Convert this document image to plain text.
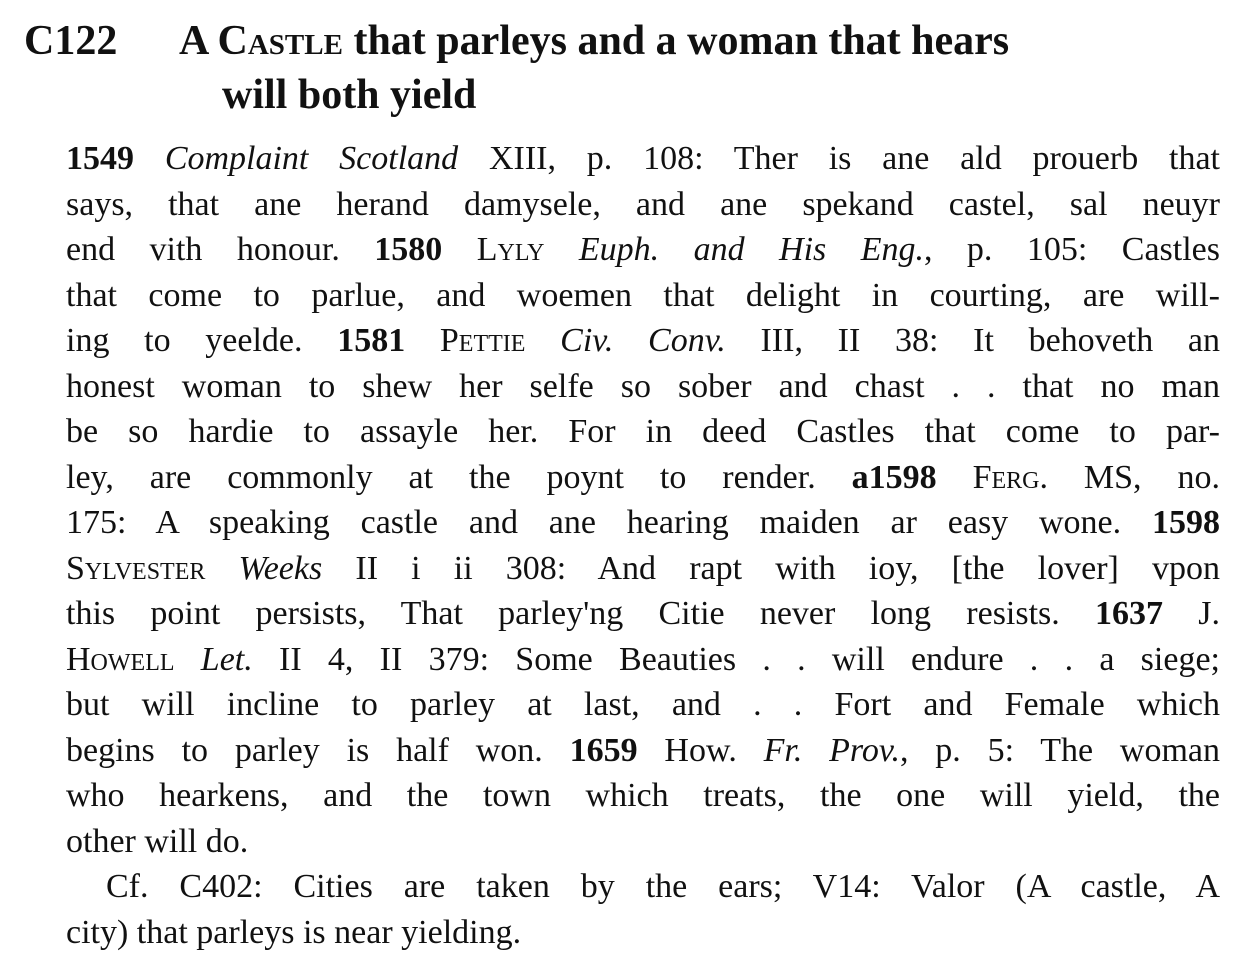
C122 A Castle that parleys and a woman that hears
will both yield
1549 Complaint Scotland XIII, p. 108: Ther is ane ald prouerb that
says, that ane herand damysele, and ane spekand castel, sal neuyr
end vith honour. 1580 Lyly Euph. and His Eng., p. 105: Castles
that come to parlue, and woemen that delight in courting, are will-
ing to yeelde. 1581 Pettie Civ. Conv. III, II 38: It behoveth an
honest woman to shew her selfe so sober and chast . . that no man
be so hardie to assayle her. For in deed Castles that come to par-
ley, are commonly at the poynt to render. a1598 Ferg. MS, no.
175: A speaking castle and ane hearing maiden ar easy wone. 1598
Sylvester Weeks II i ii 308: And rapt with ioy, [the lover] vpon
this point persists, That parley'ng Citie never long resists. 1637 J.
Howell Let. II 4, II 379: Some Beauties . . will endure . . a siege;
but will incline to parley at last, and . . Fort and Female which
begins to parley is half won. 1659 How. Fr. Prov., p. 5: The woman
who hearkens, and the town which treats, the one will yield, the
other will do.
Cf. C402: Cities are taken by the ears; V14: Valor (A castle, A
city) that parleys is near yielding.
